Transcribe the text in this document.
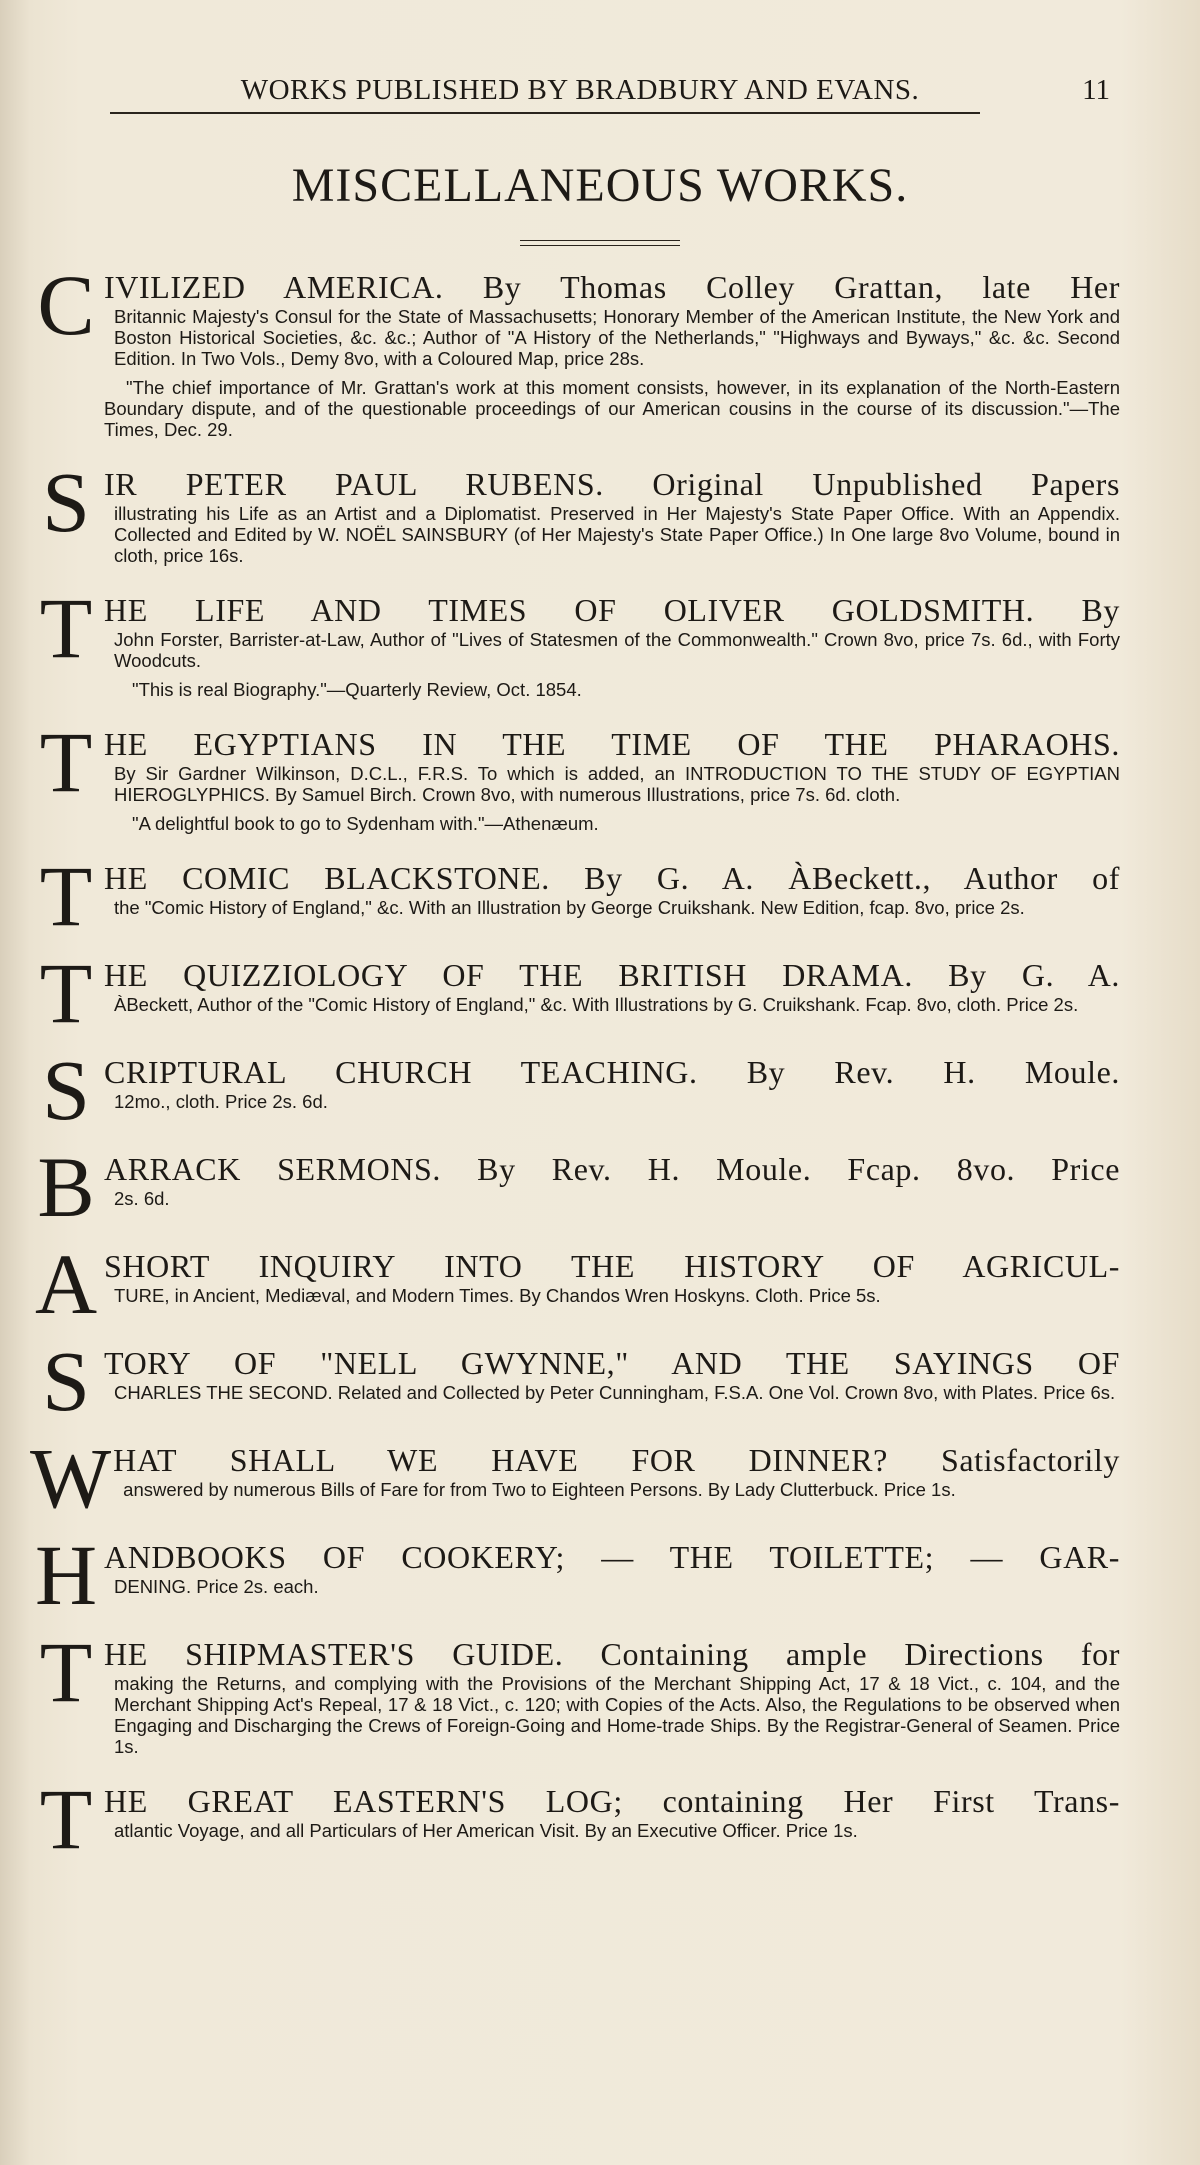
WORKS PUBLISHED BY BRADBURY AND EVANS.	11
MISCELLANEOUS WORKS.
C IVILIZED AMERICA. By Thomas Colley Grattan, late Her
Britannic Majesty's Consul for the State of Massachusetts; Honorary Member of the American Institute, the New York and Boston Historical Societies, &c. &c.; Author of "A History of the Netherlands," "Highways and Byways," &c. &c. Second Edition. In Two Vols., Demy 8vo, with a Coloured Map, price 28s.
"The chief importance of Mr. Grattan's work at this moment consists, however, in its explanation of the North-Eastern Boundary dispute, and of the questionable proceedings of our American cousins in the course of its discussion."—The Times, Dec. 29.
S IR PETER PAUL RUBENS. Original Unpublished Papers
illustrating his Life as an Artist and a Diplomatist. Preserved in Her Majesty's State Paper Office. With an Appendix. Collected and Edited by W. NOËL SAINSBURY (of Her Majesty's State Paper Office.) In One large 8vo Volume, bound in cloth, price 16s.
T HE LIFE AND TIMES OF OLIVER GOLDSMITH. By
John Forster, Barrister-at-Law, Author of "Lives of Statesmen of the Commonwealth." Crown 8vo, price 7s. 6d., with Forty Woodcuts.
"This is real Biography."—Quarterly Review, Oct. 1854.
T HE EGYPTIANS IN THE TIME OF THE PHARAOHS.
By Sir Gardner Wilkinson, D.C.L., F.R.S. To which is added, an INTRODUCTION TO THE STUDY OF EGYPTIAN HIEROGLYPHICS. By Samuel Birch. Crown 8vo, with numerous Illustrations, price 7s. 6d. cloth.
"A delightful book to go to Sydenham with."—Athenæum.
T HE COMIC BLACKSTONE. By G. A. ÀBeckett., Author of
the "Comic History of England," &c. With an Illustration by George Cruikshank. New Edition, fcap. 8vo, price 2s.
T HE QUIZZIOLOGY OF THE BRITISH DRAMA. By G. A.
ÀBeckett, Author of the "Comic History of England," &c. With Illustrations by G. Cruikshank. Fcap. 8vo, cloth. Price 2s.
S CRIPTURAL CHURCH TEACHING. By Rev. H. Moule.
12mo., cloth. Price 2s. 6d.
B ARRACK SERMONS. By Rev. H. Moule. Fcap. 8vo. Price
2s. 6d.
A SHORT INQUIRY INTO THE HISTORY OF AGRICUL-
TURE, in Ancient, Mediæval, and Modern Times. By Chandos Wren Hoskyns. Cloth. Price 5s.
S TORY OF "NELL GWYNNE," AND THE SAYINGS OF
CHARLES THE SECOND. Related and Collected by Peter Cunningham, F.S.A. One Vol. Crown 8vo, with Plates. Price 6s.
W HAT SHALL WE HAVE FOR DINNER? Satisfactorily
answered by numerous Bills of Fare for from Two to Eighteen Persons. By Lady Clutterbuck. Price 1s.
H ANDBOOKS OF COOKERY; — THE TOILETTE; — GAR-
DENING. Price 2s. each.
T HE SHIPMASTER'S GUIDE. Containing ample Directions for
making the Returns, and complying with the Provisions of the Merchant Shipping Act, 17 & 18 Vict., c. 104, and the Merchant Shipping Act's Repeal, 17 & 18 Vict., c. 120; with Copies of the Acts. Also, the Regulations to be observed when Engaging and Discharging the Crews of Foreign-Going and Home-trade Ships. By the Registrar-General of Seamen. Price 1s.
T HE GREAT EASTERN'S LOG; containing Her First Trans-
atlantic Voyage, and all Particulars of Her American Visit. By an Executive Officer. Price 1s.
